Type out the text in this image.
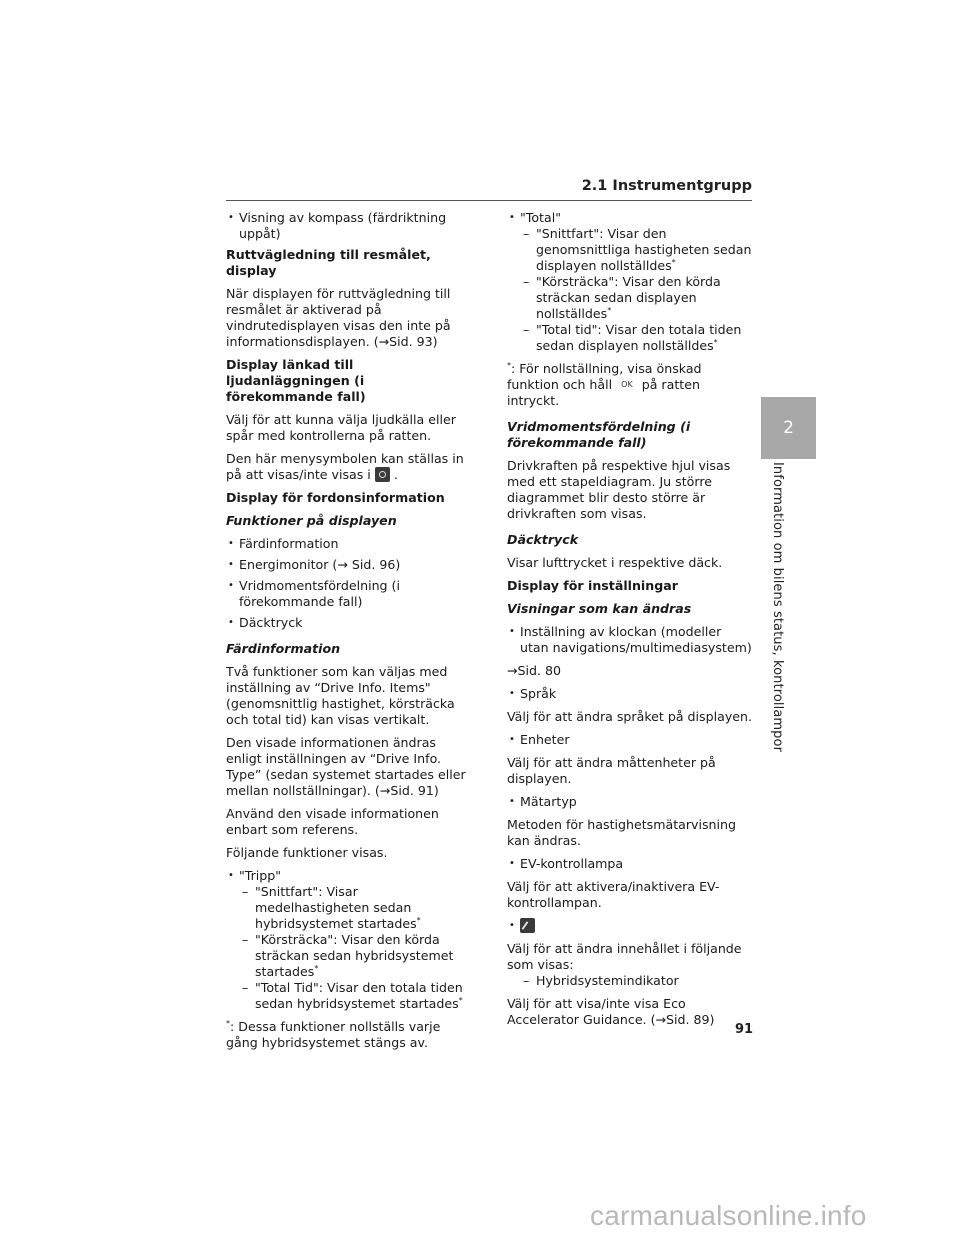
2.1 Instrumentgrupp
2
Information om bilens status, kontrollampor
• Visning av kompass (färdriktning uppåt)
Ruttvägledning till resmålet, display
När displayen för ruttvägledning till resmålet är aktiverad på vindrutedisplayen visas den inte på informationsdisplayen. (→Sid. 93)
Display länkad till ljudanläggningen (i förekommande fall)
Välj för att kunna välja ljudkälla eller spår med kontrollerna på ratten.
Den här menysymbolen kan ställas in på att visas/inte visas i .
Display för fordonsinformation
Funktioner på displayen
• Färdinformation
• Energimonitor (→ Sid. 96)
• Vridmomentsfördelning (i förekommande fall)
• Däcktryck
Färdinformation
Två funktioner som kan väljas med inställning av “Drive Info. Items" (genomsnittlig hastighet, körsträcka och total tid) kan visas vertikalt.
Den visade informationen ändras enligt inställningen av “Drive Info. Type” (sedan systemet startades eller mellan nollställningar). (→Sid. 91)
Använd den visade informationen enbart som referens.
Följande funktioner visas.
• "Tripp"
– "Snittfart": Visar medelhastigheten sedan hybridsystemet startades*
– "Körsträcka": Visar den körda sträckan sedan hybridsystemet startades*
– "Total Tid": Visar den totala tiden sedan hybridsystemet startades*
*: Dessa funktioner nollställs varje gång hybridsystemet stängs av.
• "Total"
– "Snittfart": Visar den genomsnittliga hastigheten sedan displayen nollställdes*
– "Körsträcka": Visar den körda sträckan sedan displayen nollställdes*
– "Total tid": Visar den totala tiden sedan displayen nollställdes*
*: För nollställning, visa önskad funktion och håll OK på ratten intryckt.
Vridmomentsfördelning (i förekommande fall)
Drivkraften på respektive hjul visas med ett stapeldiagram. Ju större diagrammet blir desto större är drivkraften som visas.
Däcktryck
Visar lufttrycket i respektive däck.
Display för inställningar
Visningar som kan ändras
• Inställning av klockan (modeller utan navigations/multimediasystem)
→Sid. 80
• Språk
Välj för att ändra språket på displayen.
• Enheter
Välj för att ändra måttenheter på displayen.
• Mätartyp
Metoden för hastighetsmätarvisning kan ändras.
• EV-kontrollampa
Välj för att aktivera/inaktivera EV-kontrollampan.
•
Välj för att ändra innehållet i följande som visas:
– Hybridsystemindikator
Välj för att visa/inte visa Eco Accelerator Guidance. (→Sid. 89)
91
carmanualsonline.info
